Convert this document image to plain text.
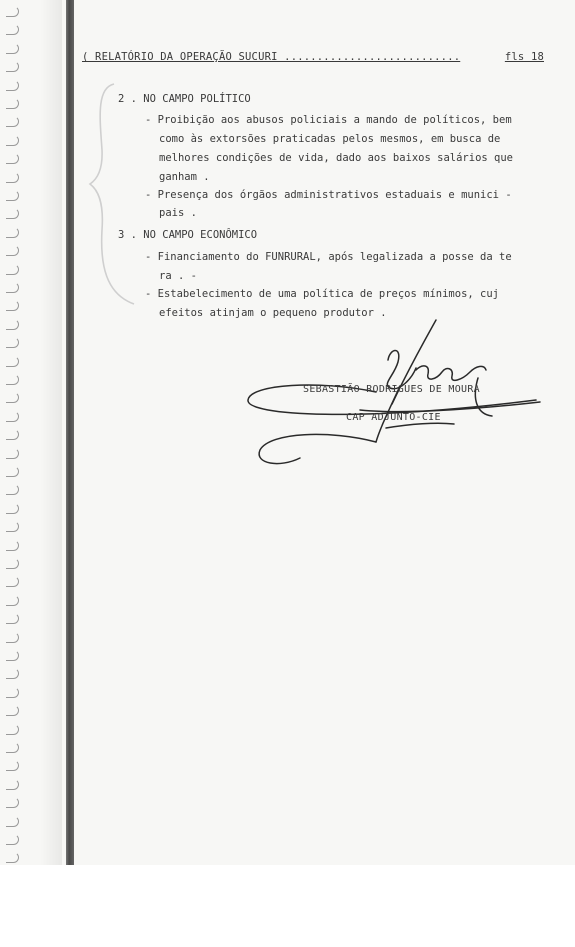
( RELATÓRIO DA OPERAÇÃO SUCURI ...........................	fls 18
2 . NO CAMPO POLÍTICO
- Proibição aos abusos policiais a mando de políticos, bem
como às extorsões praticadas pelos mesmos, em busca de
melhores condições de vida, dado aos baixos salários que
ganham .
- Presença dos órgãos administrativos estaduais e munici -
pais .
3 . NO CAMPO ECONÔMICO
- Financiamento do FUNRURAL, após legalizada a posse da te
ra . -
- Estabelecimento de uma política de preços mínimos, cuj
efeitos atinjam o pequeno produtor .
SEBASTIÃO RODRIGUES DE MOURA
CAP ADJUNTO-CIE
